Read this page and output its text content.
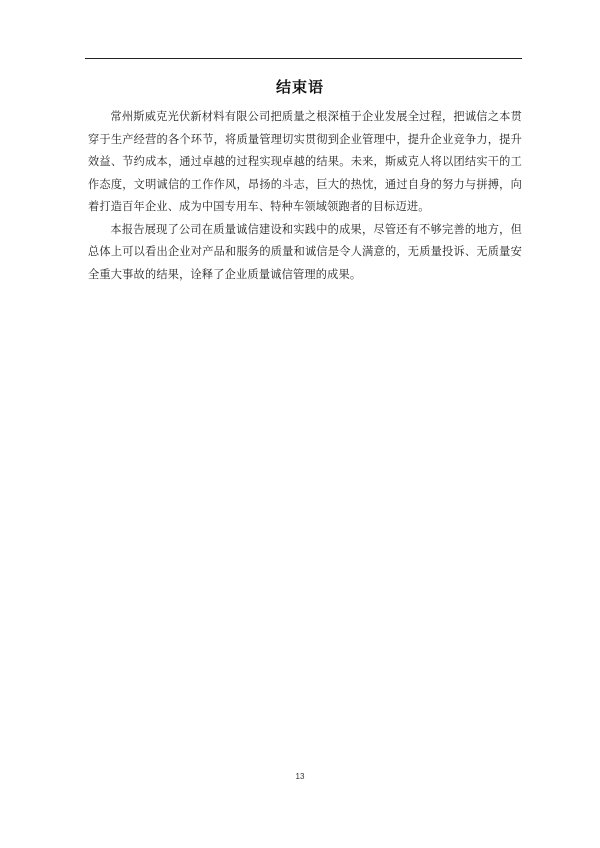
结束语

常州斯威克光伏新材料有限公司把质量之根深植于企业发展全过程，把诚信之本贯穿于生产经营的各个环节，将质量管理切实贯彻到企业管理中，提升企业竞争力，提升效益、节约成本，通过卓越的过程实现卓越的结果。未来，斯威克人将以团结实干的工作态度，文明诚信的工作作风，昂扬的斗志，巨大的热忱，通过自身的努力与拼搏，向着打造百年企业、成为中国专用车、特种车领域领跑者的目标迈进。

本报告展现了公司在质量诚信建设和实践中的成果，尽管还有不够完善的地方，但总体上可以看出企业对产品和服务的质量和诚信是令人满意的，无质量投诉、无质量安全重大事故的结果，诠释了企业质量诚信管理的成果。

13
